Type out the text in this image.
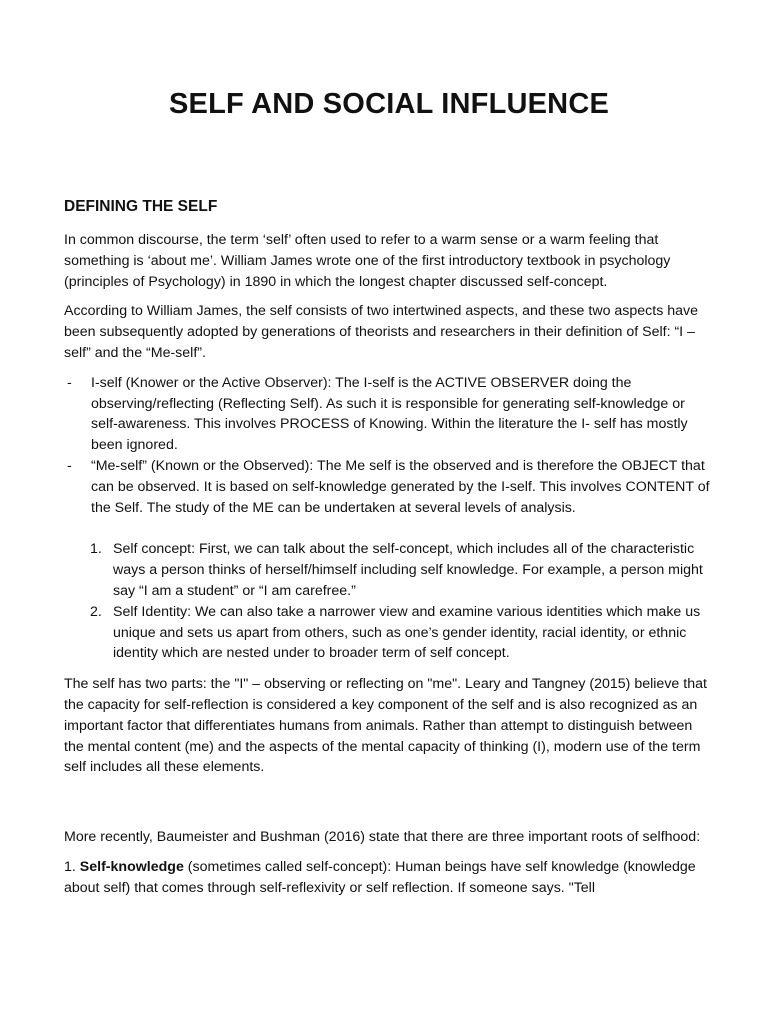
SELF AND SOCIAL INFLUENCE
DEFINING THE SELF

In common discourse, the term ‘self’ often used to refer to a warm sense or a warm feeling that something is ‘about me’. William James wrote one of the first introductory textbook in psychology (principles of Psychology) in 1890 in which the longest chapter discussed self-concept.

According to William James, the self consists of two intertwined aspects, and these two aspects have been subsequently adopted by generations of theorists and researchers in their definition of Self: “I – self” and the “Me-self”.

- I-self (Knower or the Active Observer): The I-self is the ACTIVE OBSERVER doing the observing/reflecting (Reflecting Self). As such it is responsible for generating self-knowledge or self-awareness. This involves PROCESS of Knowing. Within the literature the I- self has mostly been ignored.
- “Me-self” (Known or the Observed): The Me self is the observed and is therefore the OBJECT that can be observed. It is based on self-knowledge generated by the I-self. This involves CONTENT of the Self. The study of the ME can be undertaken at several levels of analysis.
1. Self concept: First, we can talk about the self-concept, which includes all of the characteristic ways a person thinks of herself/himself including self knowledge. For example, a person might say “I am a student” or “I am carefree.”
2. Self Identity: We can also take a narrower view and examine various identities which make us unique and sets us apart from others, such as one’s gender identity, racial identity, or ethnic identity which are nested under to broader term of self concept.

The self has two parts: the "I" – observing or reflecting on "me". Leary and Tangney (2015) believe that the capacity for self-reflection is considered a key component of the self and is also recognized as an important factor that differentiates humans from animals. Rather than attempt to distinguish between the mental content (me) and the aspects of the mental capacity of thinking (I), modern use of the term self includes all these elements.

More recently, Baumeister and Bushman (2016) state that there are three important roots of selfhood:

1. Self-knowledge (sometimes called self-concept): Human beings have self knowledge (knowledge about self) that comes through self-reflexivity or self reflection. If someone says. "Tell
